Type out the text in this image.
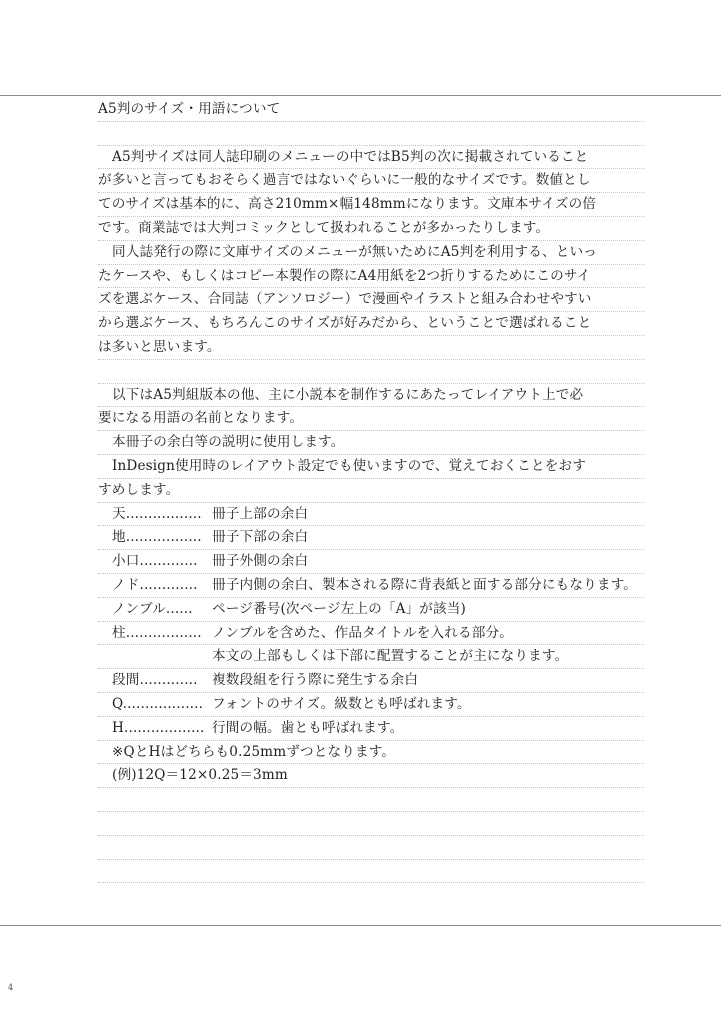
A5判のサイズ・用語について
A5判サイズは同人誌印刷のメニューの中ではB5判の次に掲載されていること
が多いと言ってもおそらく過言ではないぐらいに一般的なサイズです。数値とし
てのサイズは基本的に、高さ210mm×幅148mmになります。文庫本サイズの倍
です。商業誌では大判コミックとして扱われることが多かったりします。
同人誌発行の際に文庫サイズのメニューが無いためにA5判を利用する、といっ
たケースや、もしくはコピー本製作の際にA4用紙を2つ折りするためにこのサイ
ズを選ぶケース、合同誌（アンソロジー）で漫画やイラストと組み合わせやすい
から選ぶケース、もちろんこのサイズが好みだから、ということで選ばれること
は多いと思います。
以下はA5判組版本の他、主に小説本を制作するにあたってレイアウト上で必
要になる用語の名前となります。
本冊子の余白等の説明に使用します。
InDesign使用時のレイアウト設定でも使いますので、覚えておくことをおす
すめします。
天................. 冊子上部の余白
地................. 冊子下部の余白
小口.............	冊子外側の余白
ノド.............	冊子内側の余白、製本される際に背表紙と面する部分にもなります。
ノンブル......	ページ番号(次ページ左上の「A」が該当)
柱................. ノンブルを含めた、作品タイトルを入れる部分。
本文の上部もしくは下部に配置することが主になります。
段間.............	複数段組を行う際に発生する余白
Q.................. フォントのサイズ。級数とも呼ばれます。
H.................. 行間の幅。歯とも呼ばれます。
※QとHはどちらも0.25mmずつとなります。
(例)12Q＝12×0.25＝3mm
4
